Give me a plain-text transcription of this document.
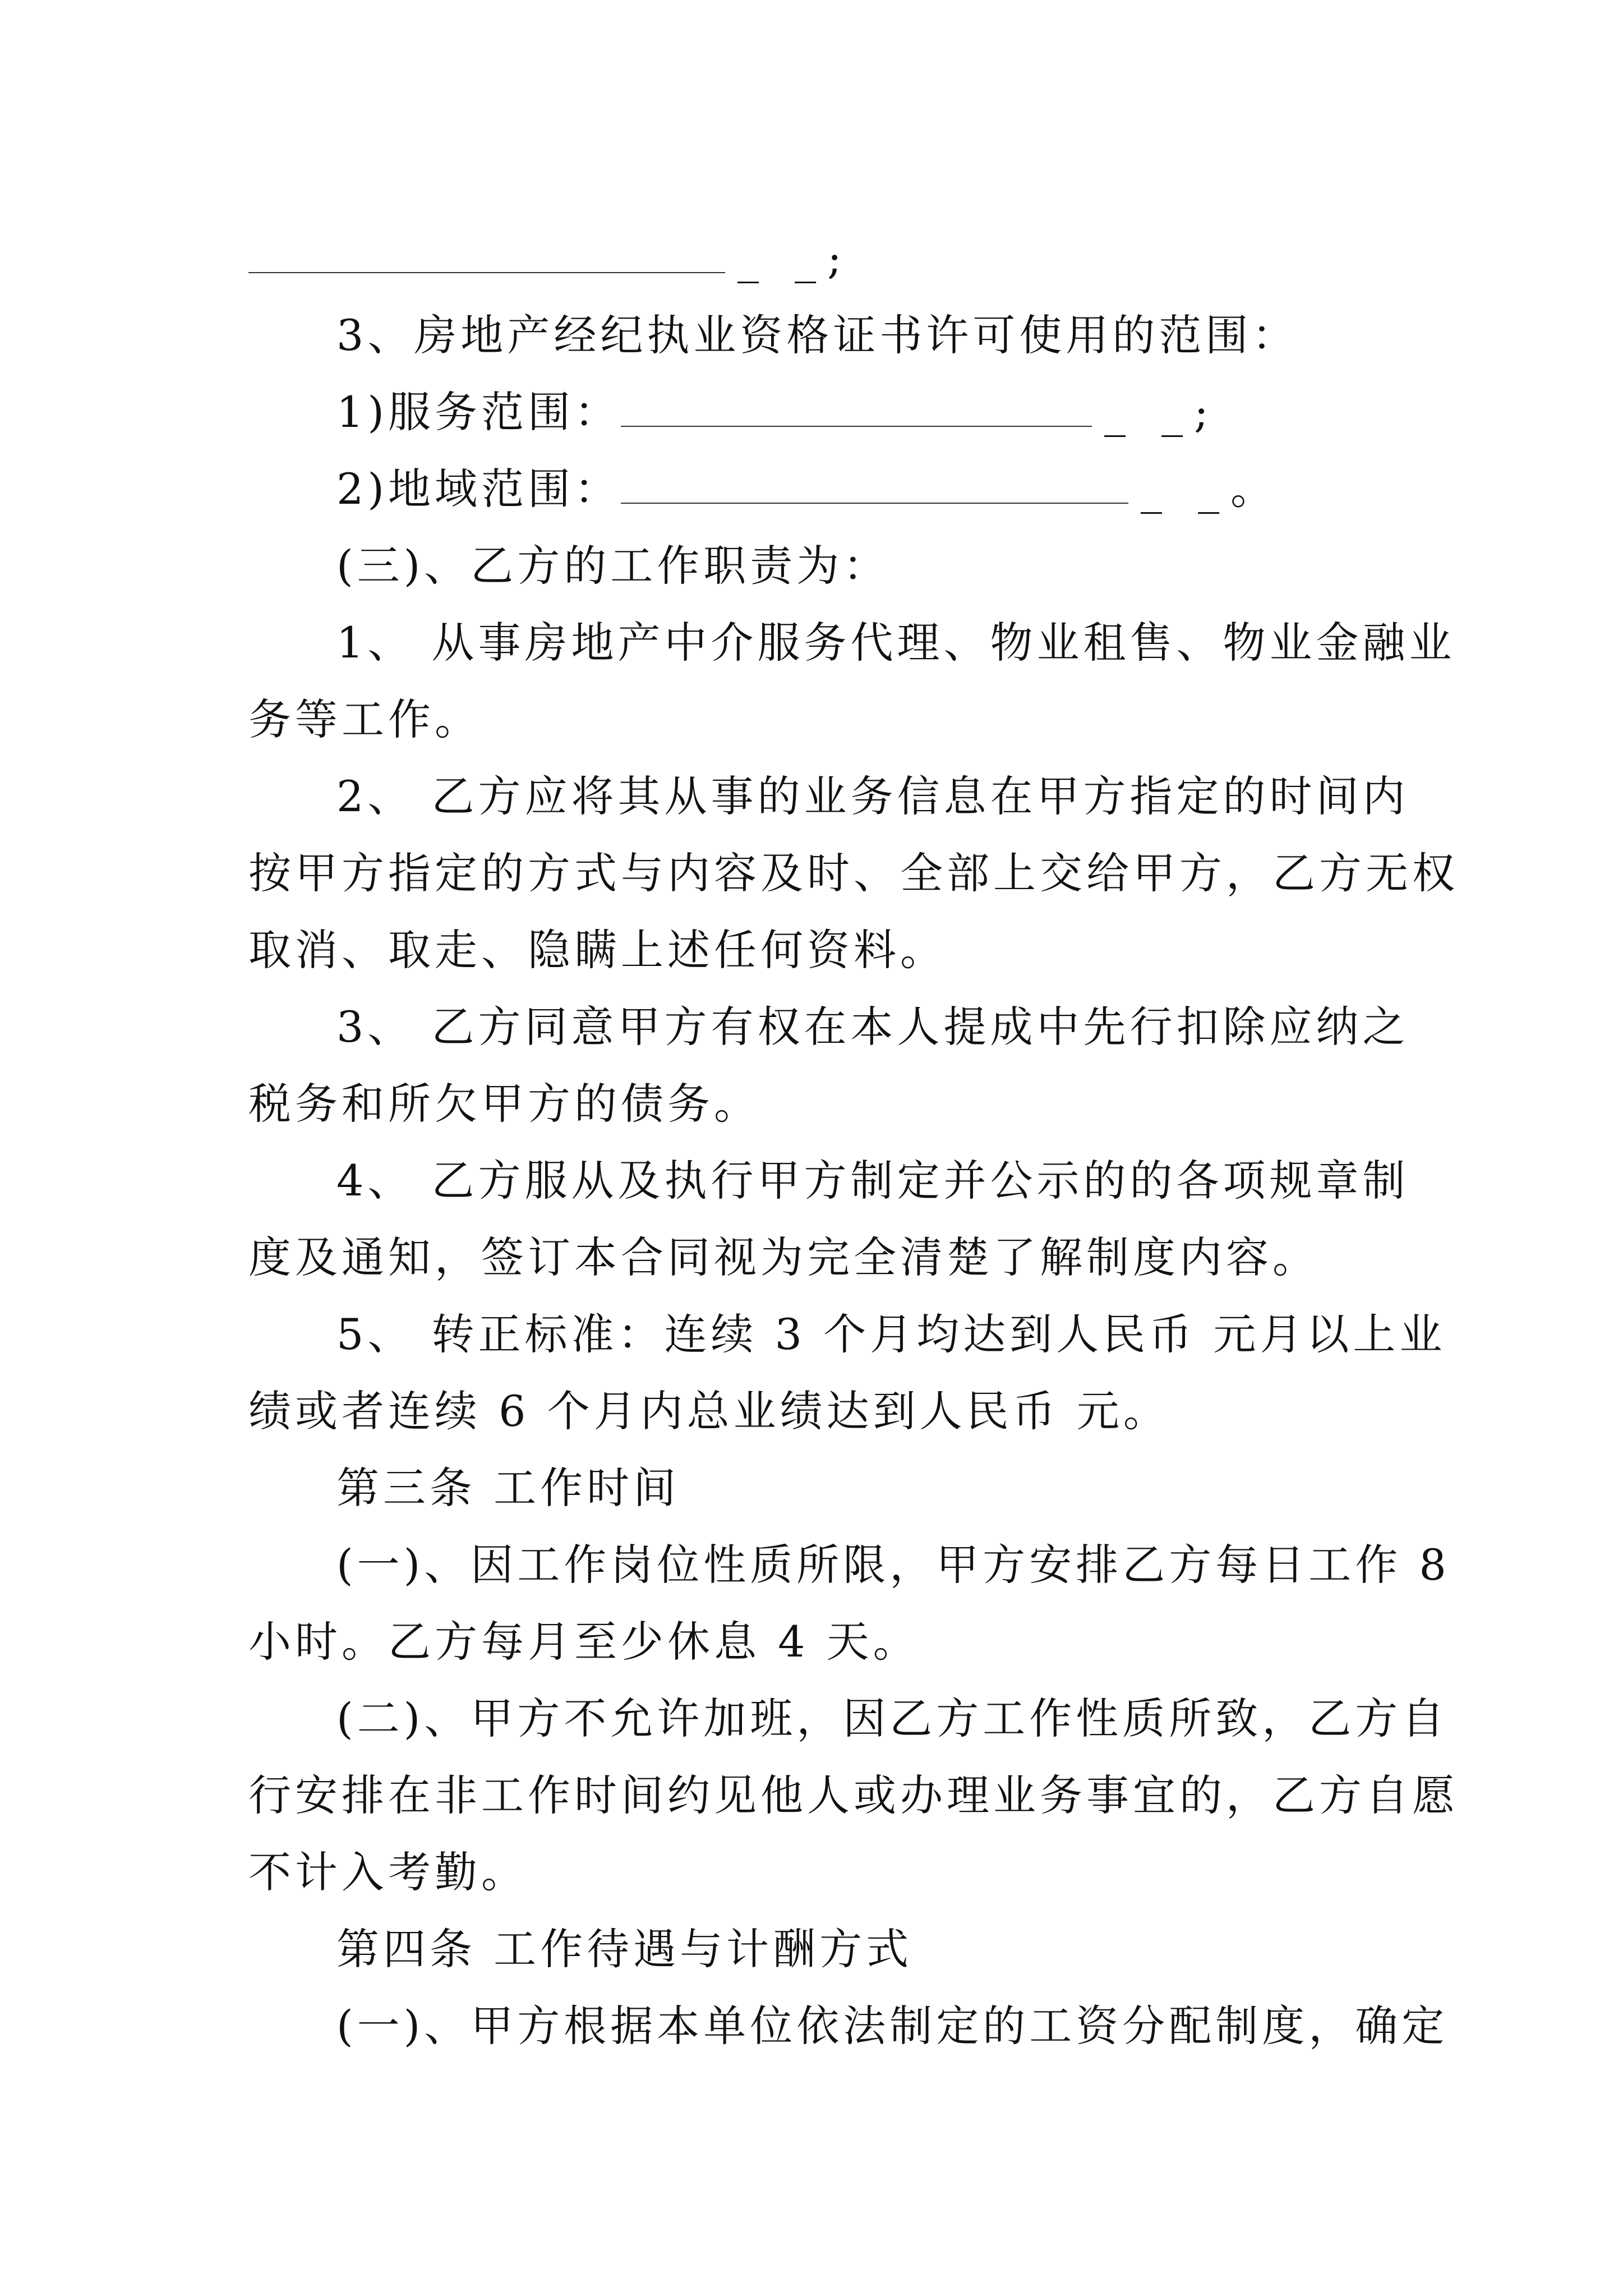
_ _;
3、房地产经纪执业资格证书许可使用的范围：
1)服务范围：	_ _;
2)地域范围：	_ _。
(三)、乙方的工作职责为：
1、 从事房地产中介服务代理、物业租售、物业金融业
务等工作。
2、 乙方应将其从事的业务信息在甲方指定的时间内
按甲方指定的方式与内容及时、全部上交给甲方，乙方无权
取消、取走、隐瞒上述任何资料。
3、 乙方同意甲方有权在本人提成中先行扣除应纳之
税务和所欠甲方的债务。
4、 乙方服从及执行甲方制定并公示的的各项规章制
度及通知，签订本合同视为完全清楚了解制度内容。
5、 转正标准：连续 3 个月均达到人民币 元月以上业
绩或者连续 6 个月内总业绩达到人民币 元。
第三条 工作时间
(一)、因工作岗位性质所限，甲方安排乙方每日工作 8
小时。乙方每月至少休息 4 天。
(二)、甲方不允许加班，因乙方工作性质所致，乙方自
行安排在非工作时间约见他人或办理业务事宜的，乙方自愿
不计入考勤。
第四条 工作待遇与计酬方式
(一)、甲方根据本单位依法制定的工资分配制度，确定
